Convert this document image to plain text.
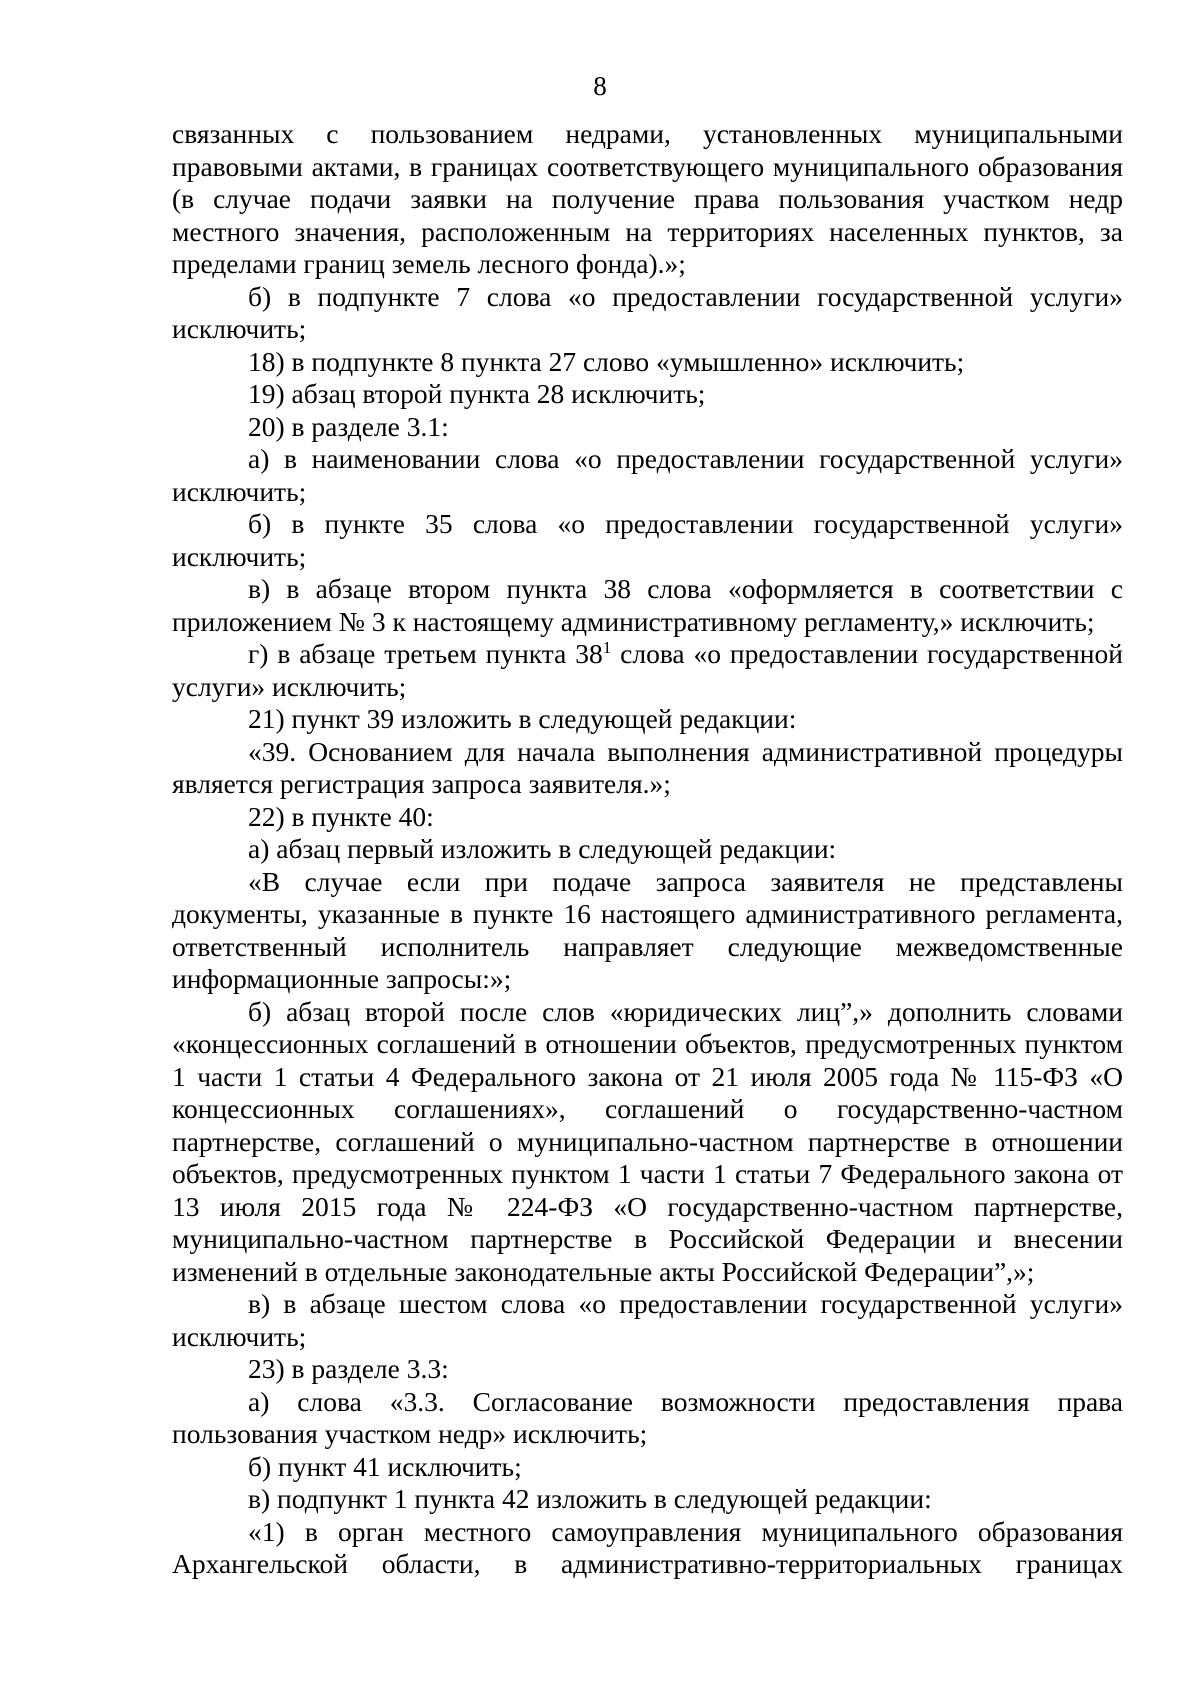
8

связанных с пользованием недрами, установленных муниципальными правовыми актами, в границах соответствующего муниципального образования (в случае подачи заявки на получение права пользования участком недр местного значения, расположенным на территориях населенных пунктов, за пределами границ земель лесного фонда).»;

б) в подпункте 7 слова «о предоставлении государственной услуги» исключить;

18) в подпункте 8 пункта 27 слово «умышленно» исключить;

19) абзац второй пункта 28 исключить;

20) в разделе 3.1:

а) в наименовании слова «о предоставлении государственной услуги» исключить;

б) в пункте 35 слова «о предоставлении государственной услуги» исключить;

в) в абзаце втором пункта 38 слова «оформляется в соответствии с приложением № 3 к настоящему административному регламенту,» исключить;

г) в абзаце третьем пункта $38^1$ слова «о предоставлении государственной услуги» исключить;

21) пункт 39 изложить в следующей редакции:

«39. Основанием для начала выполнения административной процедуры является регистрация запроса заявителя.»;

22) в пункте 40:

а) абзац первый изложить в следующей редакции:

«В случае если при подаче запроса заявителя не представлены документы, указанные в пункте 16 настоящего административного регламента, ответственный исполнитель направляет следующие межведомственные информационные запросы:»;

б) абзац второй после слов «юридических лиц”,» дополнить словами «концессионных соглашений в отношении объектов, предусмотренных пунктом 1 части 1 статьи 4 Федерального закона от 21 июля 2005 года № 115-ФЗ «О концессионных соглашениях», соглашений о государственно-частном партнерстве, соглашений о муниципально-частном партнерстве в отношении объектов, предусмотренных пунктом 1 части 1 статьи 7 Федерального закона от 13 июля 2015 года № 224-ФЗ «О государственно-частном партнерстве, муниципально-частном партнерстве в Российской Федерации и внесении изменений в отдельные законодательные акты Российской Федерации”,»;

в) в абзаце шестом слова «о предоставлении государственной услуги» исключить;

23) в разделе 3.3:

а) слова «3.3. Согласование возможности предоставления права пользования участком недр» исключить;

б) пункт 41 исключить;

в) подпункт 1 пункта 42 изложить в следующей редакции:

«1) в орган местного самоуправления муниципального образования Архангельской области, в административно-территориальных границах
